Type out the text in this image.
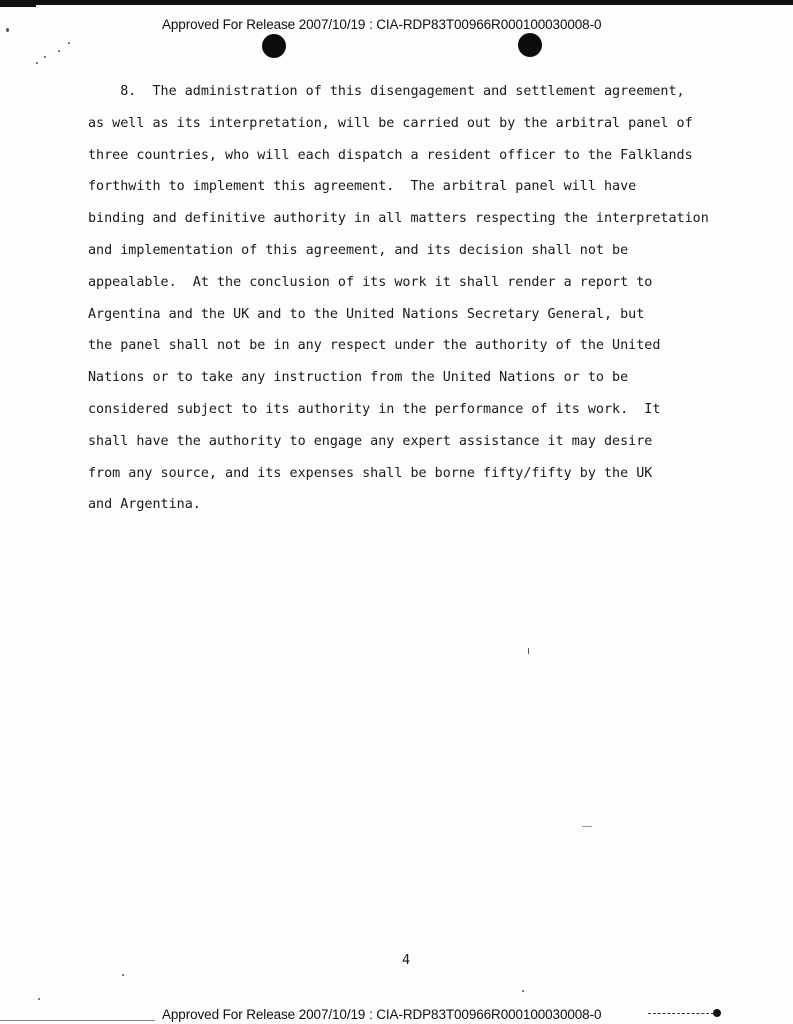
Approved For Release 2007/10/19 : CIA-RDP83T00966R000100030008-0
8.  The administration of this disengagement and settlement agreement,
as well as its interpretation, will be carried out by the arbitral panel of
three countries, who will each dispatch a resident officer to the Falklands
forthwith to implement this agreement.  The arbitral panel will have
binding and definitive authority in all matters respecting the interpretation
and implementation of this agreement, and its decision shall not be
appealable.  At the conclusion of its work it shall render a report to
Argentina and the UK and to the United Nations Secretary General, but
the panel shall not be in any respect under the authority of the United
Nations or to take any instruction from the United Nations or to be
considered subject to its authority in the performance of its work.  It
shall have the authority to engage any expert assistance it may desire
from any source, and its expenses shall be borne fifty/fifty by the UK
and Argentina.
4
Approved For Release 2007/10/19 : CIA-RDP83T00966R000100030008-0
